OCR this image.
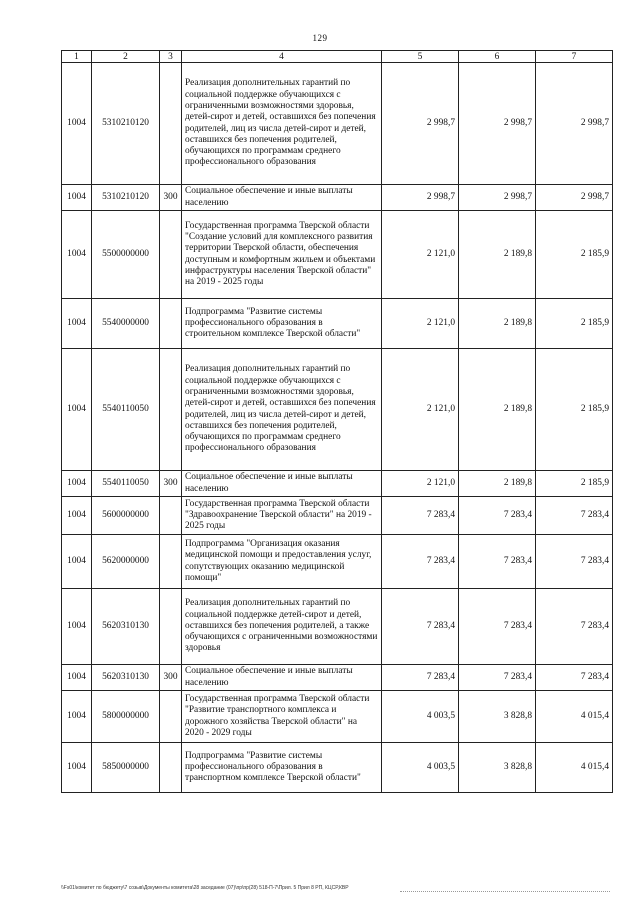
129
1	2	3	4	5	6	7
1004	5310210120		Реализация дополнительных гарантий по социальной поддержке обучающихся с ограниченными возможностями здоровья, детей-сирот и детей, оставшихся без попечения родителей, лиц из числа детей-сирот и детей, оставшихся без попечения родителей, обучающихся по программам среднего профессионального образования	2 998,7	2 998,7	2 998,7
1004	5310210120	300	Социальное обеспечение и иные выплаты населению	2 998,7	2 998,7	2 998,7
1004	5500000000		Государственная программа Тверской области "Создание условий для комплексного развития территории Тверской области, обеспечения доступным и комфортным жильем и объектами инфраструктуры населения Тверской области" на 2019 - 2025 годы	2 121,0	2 189,8	2 185,9
1004	5540000000		Подпрограмма "Развитие системы профессионального образования в строительном комплексе Тверской области"	2 121,0	2 189,8	2 185,9
1004	5540110050		Реализация дополнительных гарантий по социальной поддержке обучающихся с ограниченными возможностями здоровья, детей-сирот и детей, оставшихся без попечения родителей, лиц из числа детей-сирот и детей, оставшихся без попечения родителей, обучающихся по программам среднего профессионального образования	2 121,0	2 189,8	2 185,9
1004	5540110050	300	Социальное обеспечение и иные выплаты населению	2 121,0	2 189,8	2 185,9
1004	5600000000		Государственная программа Тверской области "Здравоохранение Тверской области" на 2019 - 2025 годы	7 283,4	7 283,4	7 283,4
1004	5620000000		Подпрограмма "Организация оказания медицинской помощи и предоставления услуг, сопутствующих оказанию медицинской помощи"	7 283,4	7 283,4	7 283,4
1004	5620310130		Реализация дополнительных гарантий по социальной поддержке детей-сирот и детей, оставшихся без попечения родителей, а также обучающихся с ограниченными возможностями здоровья	7 283,4	7 283,4	7 283,4
1004	5620310130	300	Социальное обеспечение и иные выплаты населению	7 283,4	7 283,4	7 283,4
1004	5800000000		Государственная программа Тверской области "Развитие транспортного комплекса и дорожного хозяйства Тверской области" на 2020 - 2029 годы	4 003,5	3 828,8	4 015,4
1004	5850000000		Подпрограмма "Развитие системы профессионального образования в транспортном комплексе Тверской области"	4 003,5	3 828,8	4 015,4
\\Fs01\комитет по бюджету\7 созыв\Документы комитета\28 заседание (07)\пр\пр(28) 518-П-7\Прил. 5 Прил 8 РП, КЦСР,КВР
